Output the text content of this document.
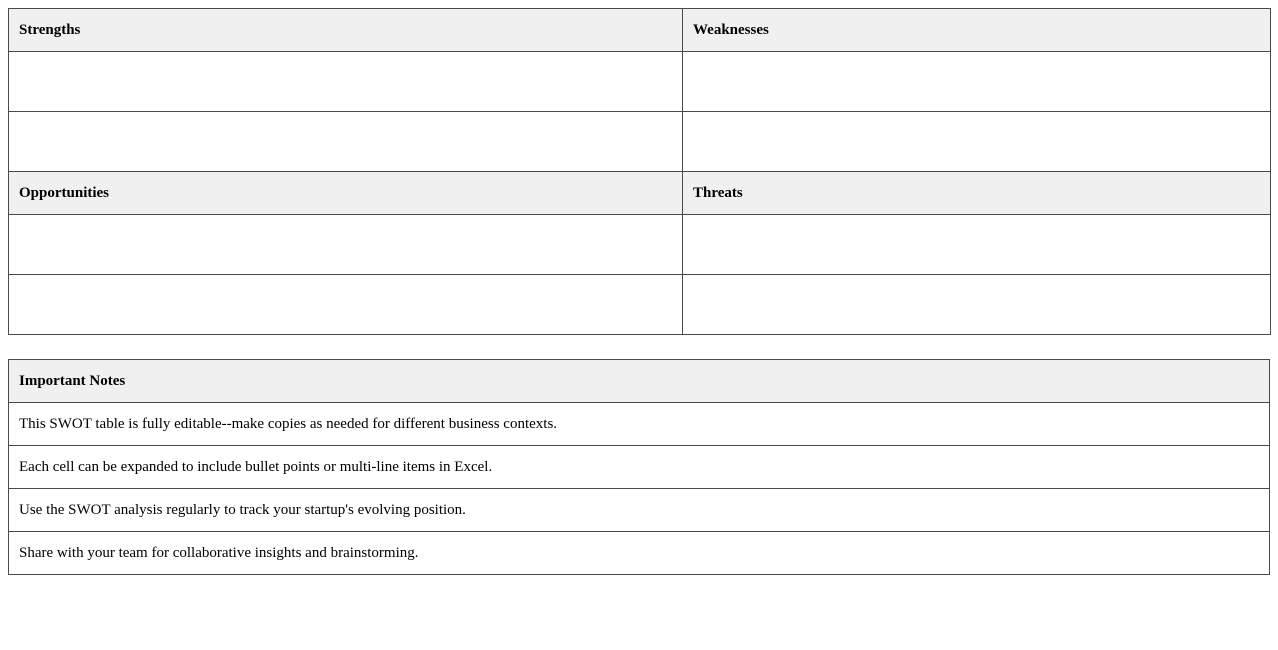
Strengths	Weaknesses

Opportunities	Threats

Important Notes
This SWOT table is fully editable--make copies as needed for different business contexts.
Each cell can be expanded to include bullet points or multi-line items in Excel.
Use the SWOT analysis regularly to track your startup's evolving position.
Share with your team for collaborative insights and brainstorming.
